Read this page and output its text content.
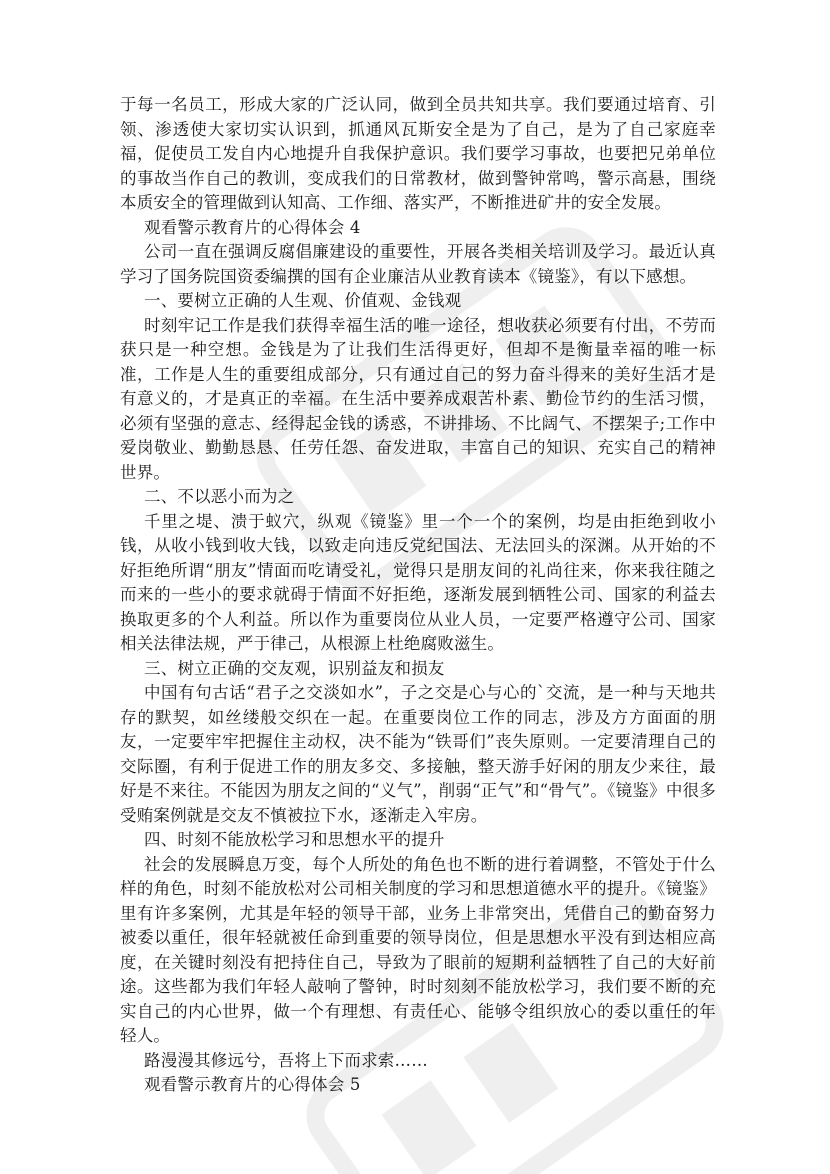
于每一名员工，形成大家的广泛认同，做到全员共知共享。我们要通过培育、引领、渗透使大家切实认识到，抓通风瓦斯安全是为了自己，是为了自己家庭幸福，促使员工发自内心地提升自我保护意识。我们要学习事故，也要把兄弟单位的事故当作自己的教训，变成我们的日常教材，做到警钟常鸣，警示高悬，围绕本质安全的管理做到认知高、工作细、落实严，不断推进矿井的安全发展。

观看警示教育片的心得体会 4

公司一直在强调反腐倡廉建设的重要性，开展各类相关培训及学习。最近认真学习了国务院国资委编撰的国有企业廉洁从业教育读本《镜鉴》，有以下感想。

一、要树立正确的人生观、价值观、金钱观

时刻牢记工作是我们获得幸福生活的唯一途径，想收获必须要有付出，不劳而获只是一种空想。金钱是为了让我们生活得更好，但却不是衡量幸福的唯一标准，工作是人生的重要组成部分，只有通过自己的努力奋斗得来的美好生活才是有意义的，才是真正的幸福。在生活中要养成艰苦朴素、勤俭节约的生活习惯，必须有坚强的意志、经得起金钱的诱惑，不讲排场、不比阔气、不摆架子;工作中爱岗敬业、勤勤恳恳、任劳任怨、奋发进取，丰富自己的知识、充实自己的精神世界。

二、不以恶小而为之

千里之堤、溃于蚁穴，纵观《镜鉴》里一个一个的案例，均是由拒绝到收小钱，从收小钱到收大钱，以致走向违反党纪国法、无法回头的深渊。从开始的不好拒绝所谓“朋友”情面而吃请受礼，觉得只是朋友间的礼尚往来，你来我往随之而来的一些小的要求就碍于情面不好拒绝，逐渐发展到牺牲公司、国家的利益去换取更多的个人利益。所以作为重要岗位从业人员，一定要严格遵守公司、国家相关法律法规，严于律己，从根源上杜绝腐败滋生。

三、树立正确的交友观，识别益友和损友

中国有句古话“君子之交淡如水”，子之交是心与心的`交流，是一种与天地共存的默契，如丝缕般交织在一起。在重要岗位工作的同志，涉及方方面面的朋友，一定要牢牢把握住主动权，决不能为“铁哥们”丧失原则。一定要清理自己的交际圈，有利于促进工作的朋友多交、多接触，整天游手好闲的朋友少来往，最好是不来往。不能因为朋友之间的“义气”，削弱“正气”和“骨气”。《镜鉴》中很多受贿案例就是交友不慎被拉下水，逐渐走入牢房。

四、时刻不能放松学习和思想水平的提升

社会的发展瞬息万变，每个人所处的角色也不断的进行着调整，不管处于什么样的角色，时刻不能放松对公司相关制度的学习和思想道德水平的提升。《镜鉴》里有许多案例，尤其是年轻的领导干部，业务上非常突出，凭借自己的勤奋努力被委以重任，很年轻就被任命到重要的领导岗位，但是思想水平没有到达相应高度，在关键时刻没有把持住自己，导致为了眼前的短期利益牺牲了自己的大好前途。这些都为我们年轻人敲响了警钟，时时刻刻不能放松学习，我们要不断的充实自己的内心世界，做一个有理想、有责任心、能够令组织放心的委以重任的年轻人。

路漫漫其修远兮，吾将上下而求索……

观看警示教育片的心得体会 5
